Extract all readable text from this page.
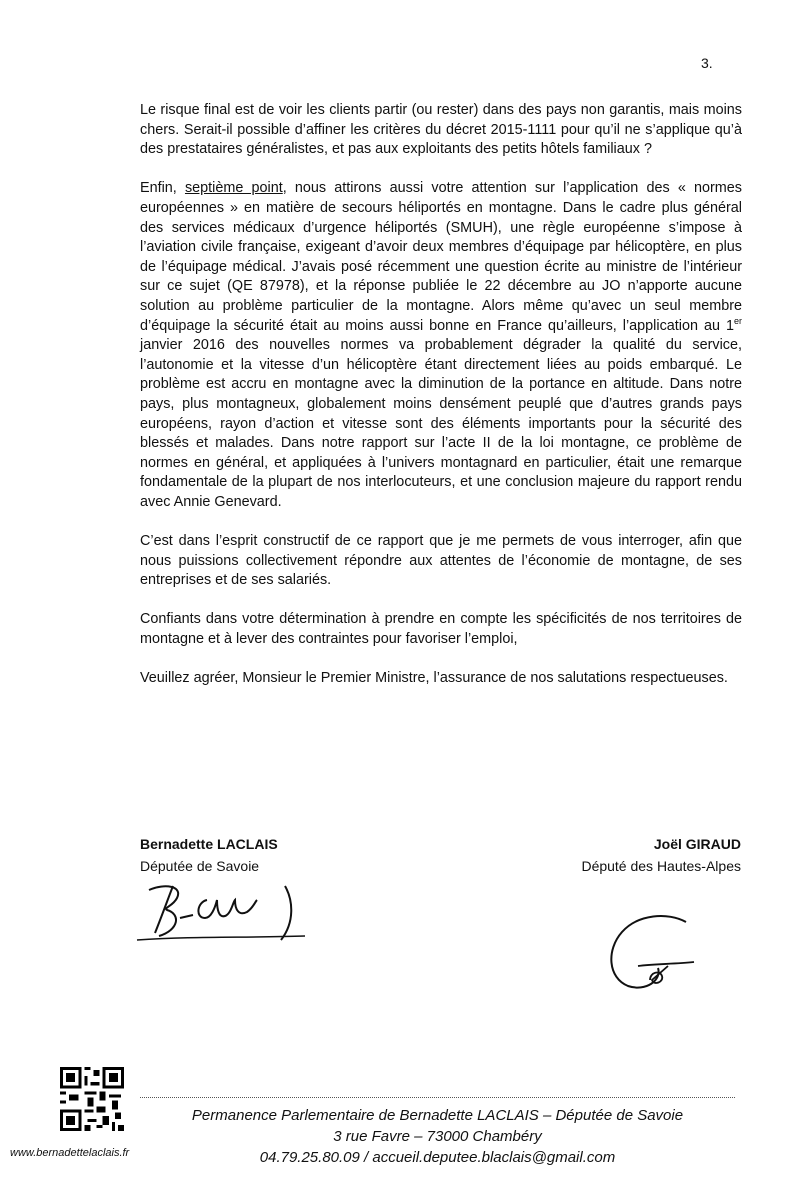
3.

Le risque final est de voir les clients partir (ou rester) dans des pays non garantis, mais moins chers. Serait-il possible d’affiner les critères du décret 2015-1111 pour qu’il ne s’applique qu’à des prestataires généralistes, et pas aux exploitants des petits hôtels familiaux ?

Enfin, septième point, nous attirons aussi votre attention sur l’application des « normes européennes » en matière de secours héliportés en montagne. Dans le cadre plus général des services médicaux d’urgence héliportés (SMUH), une règle européenne s’impose à l’aviation civile française, exigeant d’avoir deux membres d’équipage par hélicoptère, en plus de l’équipage médical. J’avais posé récemment une question écrite au ministre de l’intérieur sur ce sujet (QE 87978), et la réponse publiée le 22 décembre au JO n’apporte aucune solution au problème particulier de la montagne. Alors même qu’avec un seul membre d’équipage la sécurité était au moins aussi bonne en France qu’ailleurs, l’application au 1er janvier 2016 des nouvelles normes va probablement dégrader la qualité du service, l’autonomie et la vitesse d’un hélicoptère étant directement liées au poids embarqué. Le problème est accru en montagne avec la diminution de la portance en altitude. Dans notre pays, plus montagneux, globalement moins densément peuplé que d’autres grands pays européens, rayon d’action et vitesse sont des éléments importants pour la sécurité des blessés et malades. Dans notre rapport sur l’acte II de la loi montagne, ce problème de normes en général, et appliquées à l’univers montagnard en particulier, était une remarque fondamentale de la plupart de nos interlocuteurs, et une conclusion majeure du rapport rendu avec Annie Genevard.

C’est dans l’esprit constructif de ce rapport que je me permets de vous interroger, afin que nous puissions collectivement répondre aux attentes de l’économie de montagne, de ses entreprises et de ses salariés.

Confiants dans votre détermination à prendre en compte les spécificités de nos territoires de montagne et à lever des contraintes pour favoriser l’emploi,

Veuillez agréer, Monsieur le Premier Ministre, l’assurance de nos salutations respectueuses.

Bernadette LACLAIS
Députée de Savoie
Joël GIRAUD
Député des Hautes-Alpes
Permanence Parlementaire de Bernadette LACLAIS – Députée de Savoie
3 rue Favre – 73000 Chambéry
04.79.25.80.09 / accueil.deputee.blaclais@gmail.com
www.bernadettelaclais.fr
